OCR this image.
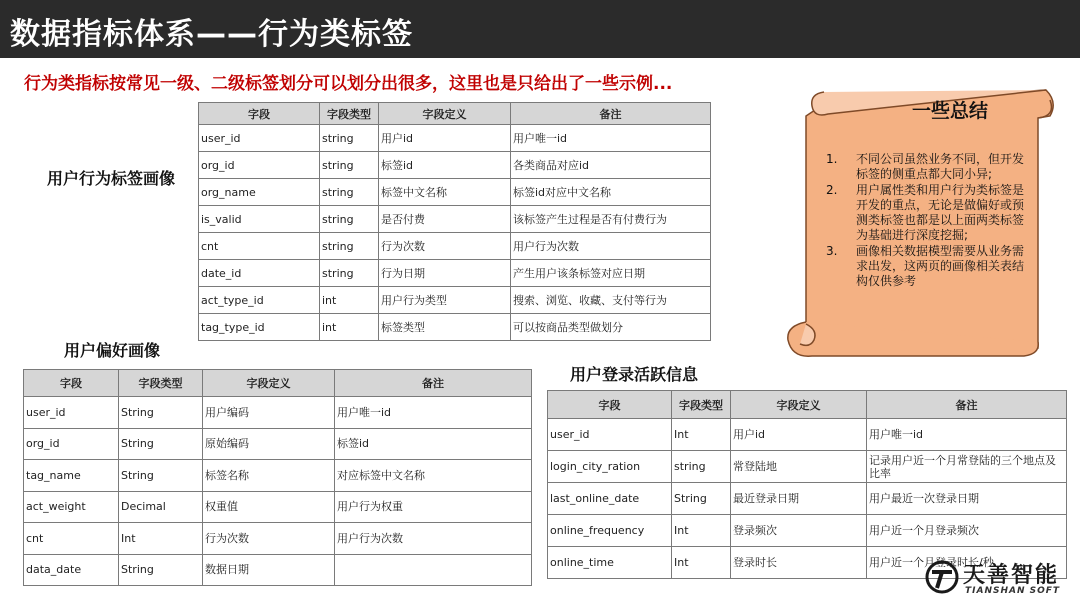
数据指标体系——行为类标签
行为类指标按常见一级、二级标签划分可以划分出很多，这里也是只给出了一些示例...
用户行为标签画像
字段	字段类型	字段定义	备注
user_id	string	用户id	用户唯一id
org_id	string	标签id	各类商品对应id
org_name	string	标签中文名称	标签id对应中文名称
is_valid	string	是否付费	该标签产生过程是否有付费行为
cnt	string	行为次数	用户行为次数
date_id	string	行为日期	产生用户该条标签对应日期
act_type_id	int	用户行为类型	搜索、浏览、收藏、支付等行为
tag_type_id	int	标签类型	可以按商品类型做划分
用户偏好画像
字段	字段类型	字段定义	备注
user_id	String	用户编码	用户唯一id
org_id	String	原始编码	标签id
tag_name	String	标签名称	对应标签中文名称
act_weight	Decimal	权重值	用户行为权重
cnt	Int	行为次数	用户行为次数
data_date	String	数据日期	
用户登录活跃信息
字段	字段类型	字段定义	备注
user_id	Int	用户id	用户唯一id
login_city_ration	string	常登陆地	记录用户近一个月常登陆的三个地点及比率
last_online_date	String	最近登录日期	用户最近一次登录日期
online_frequency	Int	登录频次	用户近一个月登录频次
online_time	Int	登录时长	用户近一个月登录时长/秒
一些总结
1. 不同公司虽然业务不同，但开发标签的侧重点都大同小异;
2. 用户属性类和用户行为类标签是开发的重点，无论是做偏好或预测类标签也都是以上面两类标签为基础进行深度挖掘;
3. 画像相关数据模型需要从业务需求出发，这两页的画像相关表结构仅供参考
天善智能
TIANSHAN SOFT
